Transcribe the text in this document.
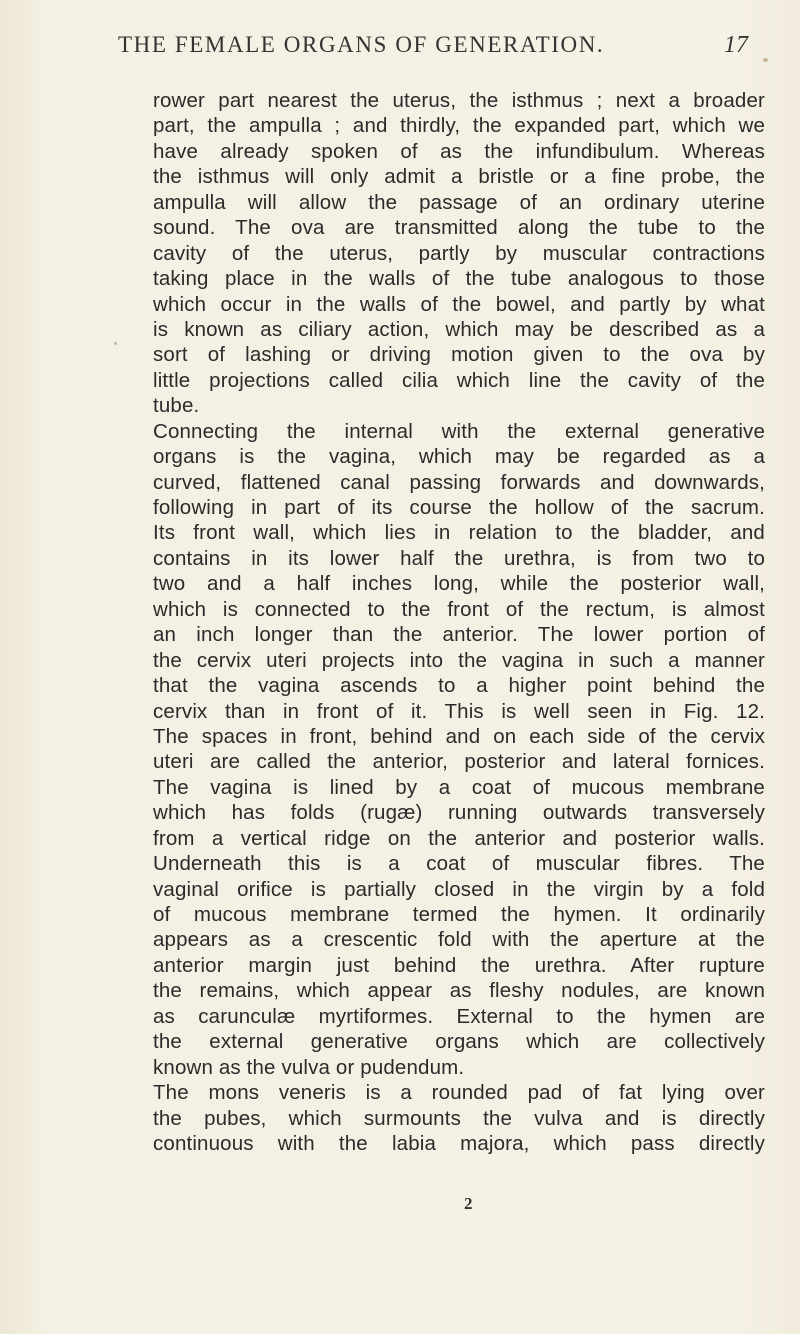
THE FEMALE ORGANS OF GENERATION.	17
rower part nearest the uterus, the isthmus ; next a broader
part, the ampulla ; and thirdly, the expanded part, which we
have already spoken of as the infundibulum. Whereas
the isthmus will only admit a bristle or a fine probe, the
ampulla will allow the passage of an ordinary uterine
sound. The ova are transmitted along the tube to the
cavity of the uterus, partly by muscular contractions
taking place in the walls of the tube analogous to those
which occur in the walls of the bowel, and partly by what
is known as ciliary action, which may be described as a
sort of lashing or driving motion given to the ova by
little projections called cilia which line the cavity of the
tube.
Connecting the internal with the external generative
organs is the vagina, which may be regarded as a
curved, flattened canal passing forwards and downwards,
following in part of its course the hollow of the sacrum.
Its front wall, which lies in relation to the bladder, and
contains in its lower half the urethra, is from two to
two and a half inches long, while the posterior wall,
which is connected to the front of the rectum, is almost
an inch longer than the anterior. The lower portion of
the cervix uteri projects into the vagina in such a manner
that the vagina ascends to a higher point behind the
cervix than in front of it. This is well seen in Fig. 12.
The spaces in front, behind and on each side of the cervix
uteri are called the anterior, posterior and lateral fornices.
The vagina is lined by a coat of mucous membrane
which has folds (rugæ) running outwards transversely
from a vertical ridge on the anterior and posterior walls.
Underneath this is a coat of muscular fibres. The
vaginal orifice is partially closed in the virgin by a fold
of mucous membrane termed the hymen. It ordinarily
appears as a crescentic fold with the aperture at the
anterior margin just behind the urethra. After rupture
the remains, which appear as fleshy nodules, are known
as carunculæ myrtiformes. External to the hymen are
the external generative organs which are collectively
known as the vulva or pudendum.
The mons veneris is a rounded pad of fat lying over
the pubes, which surmounts the vulva and is directly
continuous with the labia majora, which pass directly
2
